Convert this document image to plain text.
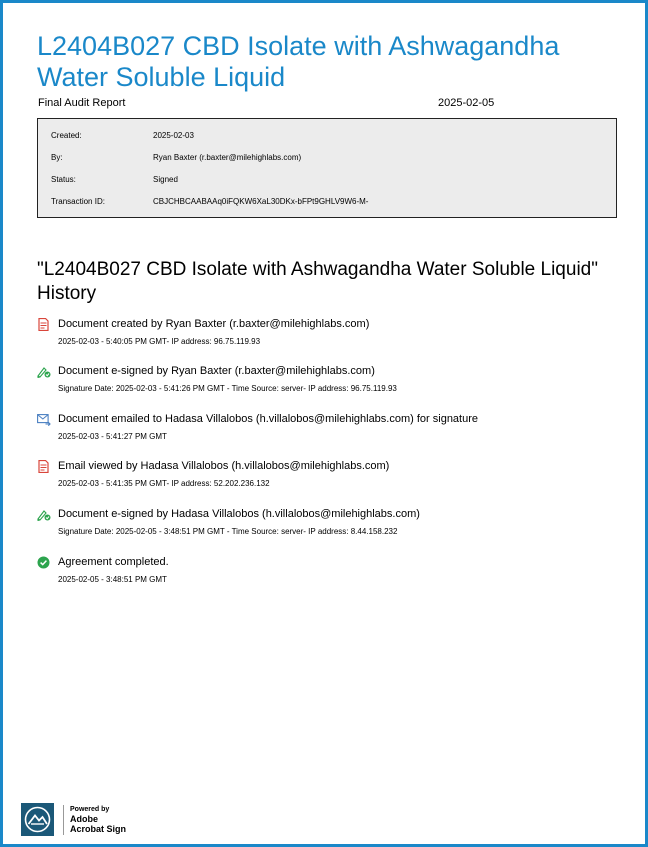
L2404B027 CBD Isolate with Ashwagandha Water Soluble Liquid
Final Audit Report	2025-02-05
Created:	2025-02-03
By:	Ryan Baxter (r.baxter@milehighlabs.com)
Status:	Signed
Transaction ID:	CBJCHBCAABAAq0iFQKW6XaL30DKx-bFPt9GHLV9W6-M-
"L2404B027 CBD Isolate with Ashwagandha Water Soluble Liquid" History
Document created by Ryan Baxter (r.baxter@milehighlabs.com)
2025-02-03 - 5:40:05 PM GMT- IP address: 96.75.119.93
Document e-signed by Ryan Baxter (r.baxter@milehighlabs.com)
Signature Date: 2025-02-03 - 5:41:26 PM GMT - Time Source: server- IP address: 96.75.119.93
Document emailed to Hadasa Villalobos (h.villalobos@milehighlabs.com) for signature
2025-02-03 - 5:41:27 PM GMT
Email viewed by Hadasa Villalobos (h.villalobos@milehighlabs.com)
2025-02-03 - 5:41:35 PM GMT- IP address: 52.202.236.132
Document e-signed by Hadasa Villalobos (h.villalobos@milehighlabs.com)
Signature Date: 2025-02-05 - 3:48:51 PM GMT - Time Source: server- IP address: 8.44.158.232
Agreement completed.
2025-02-05 - 3:48:51 PM GMT
Powered by
Adobe
Acrobat Sign
